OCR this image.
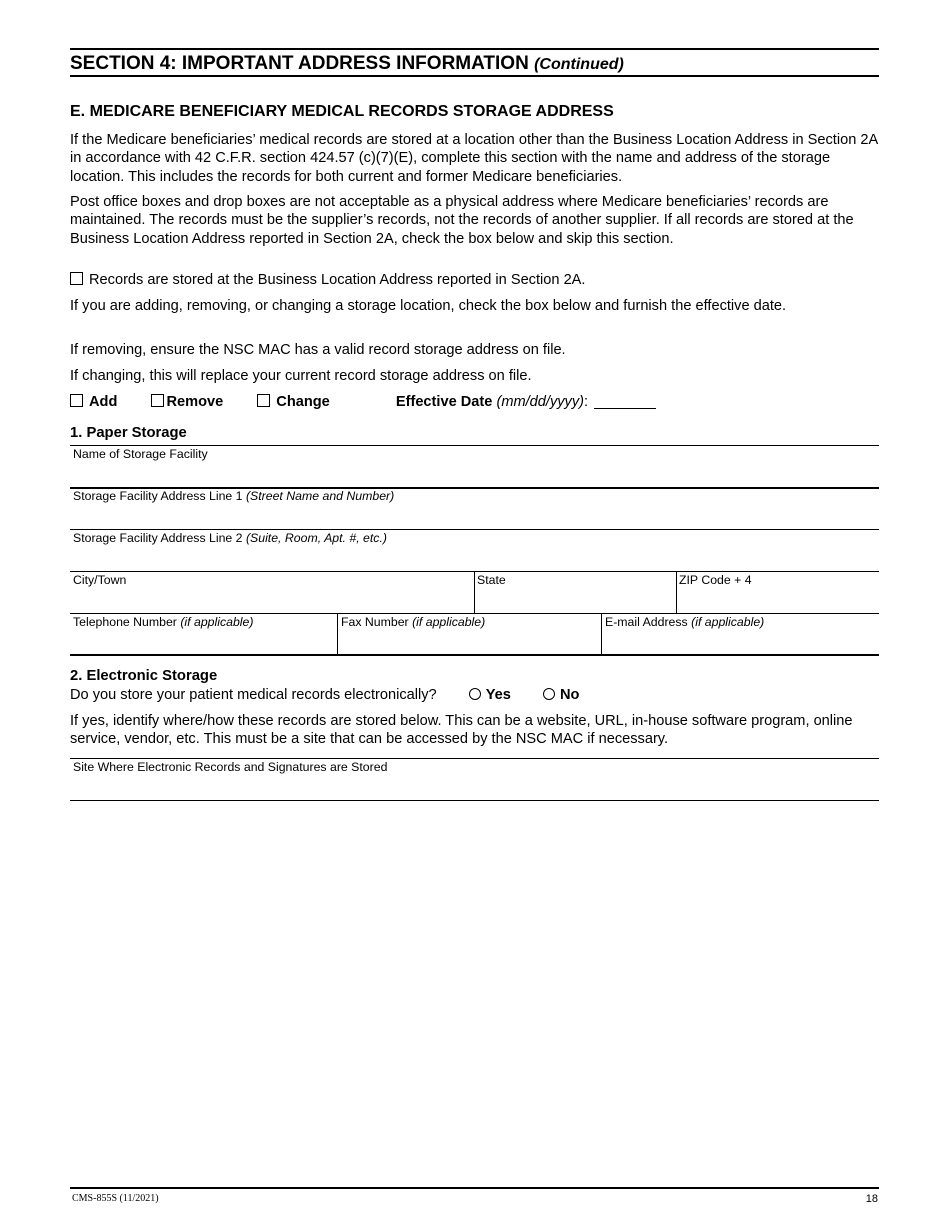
SECTION 4: IMPORTANT ADDRESS INFORMATION (Continued)
E. MEDICARE BENEFICIARY MEDICAL RECORDS STORAGE ADDRESS
If the Medicare beneficiaries’ medical records are stored at a location other than the Business Location Address in Section 2A in accordance with 42 C.F.R. section 424.57 (c)(7)(E), complete this section with the name and address of the storage location. This includes the records for both current and former Medicare beneficiaries.
Post office boxes and drop boxes are not acceptable as a physical address where Medicare beneficiaries’ records are maintained. The records must be the supplier’s records, not the records of another supplier. If all records are stored at the Business Location Address reported in Section 2A, check the box below and skip this section.
Records are stored at the Business Location Address reported in Section 2A.
If you are adding, removing, or changing a storage location, check the box below and furnish the effective date.
If removing, ensure the NSC MAC has a valid record storage address on file.
If changing, this will replace your current record storage address on file.
Add	Remove	Change	Effective Date (mm/dd/yyyy):
1. Paper Storage
Name of Storage Facility
Storage Facility Address Line 1 (Street Name and Number)
Storage Facility Address Line 2 (Suite, Room, Apt. #, etc.)
City/Town	State	ZIP Code + 4
Telephone Number (if applicable)	Fax Number (if applicable)	E-mail Address (if applicable)
2. Electronic Storage
Do you store your patient medical records electronically?	Yes	No
If yes, identify where/how these records are stored below. This can be a website, URL, in-house software program, online service, vendor, etc. This must be a site that can be accessed by the NSC MAC if necessary.
Site Where Electronic Records and Signatures are Stored
CMS-855S (11/2021)	18
